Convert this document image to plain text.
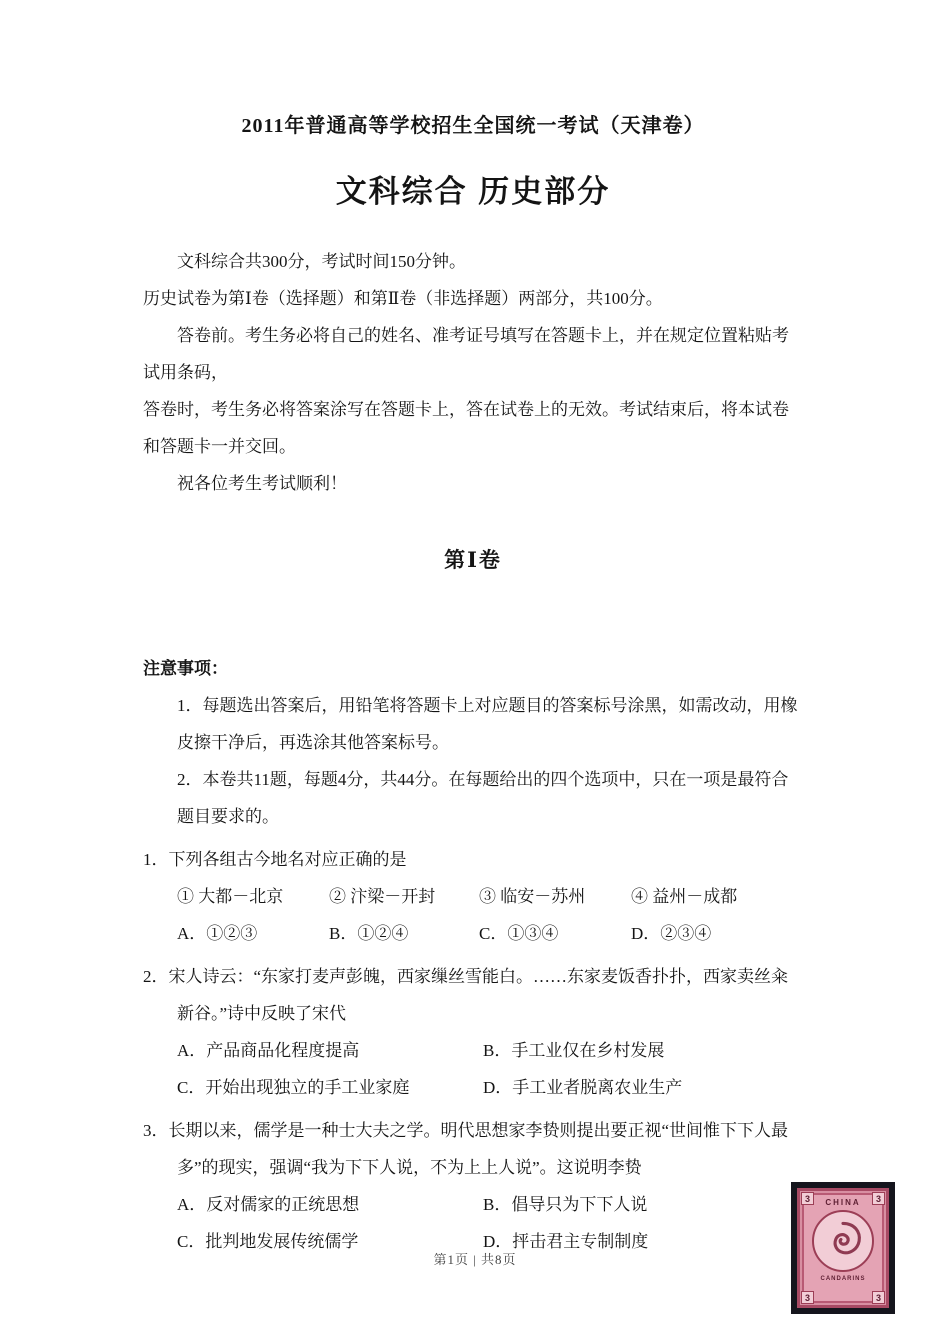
2011年普通高等学校招生全国统一考试（天津卷）
文科综合 历史部分

文科综合共300分，考试时间150分钟。

历史试卷为第Ⅰ卷（选择题）和第Ⅱ卷（非选择题）两部分，共100分。

答卷前。考生务必将自己的姓名、准考证号填写在答题卡上，并在规定位置粘贴考试用条码，

答卷时，考生务必将答案涂写在答题卡上，答在试卷上的无效。考试结束后，将本试卷和答题卡一并交回。

祝各位考生考试顺利！

第Ⅰ卷

注意事项：

1．每题选出答案后，用铅笔将答题卡上对应题目的答案标号涂黑，如需改动，用橡皮擦干净后，再选涂其他答案标号。

2．本卷共11题，每题4分，共44分。在每题给出的四个选项中，只在一项是最符合题目要求的。

1．下列各组古今地名对应正确的是

① 大都－北京	② 汴梁－开封	③ 临安－苏州	④ 益州－成都
A．①②③	B．①②④	C．①③④	D．②③④

2．宋人诗云：“东家打麦声彭魄，西家缫丝雪能白。……东家麦饭香扑扑，西家卖丝籴新谷。”诗中反映了宋代

A．产品商品化程度提高	B．手工业仅在乡村发展
C．开始出现独立的手工业家庭	D．手工业者脱离农业生产

3．长期以来，儒学是一种士大夫之学。明代思想家李贽则提出要正视“世间惟下下人最多”的现实，强调“我为下下人说，不为上上人说”。这说明李贽

A．反对儒家的正统思想	B．倡导只为下下人说
C．批判地发展传统儒学	D．抨击君主专制制度
第1页 | 共8页
3	3
3	3
CHINA
CANDARINS
